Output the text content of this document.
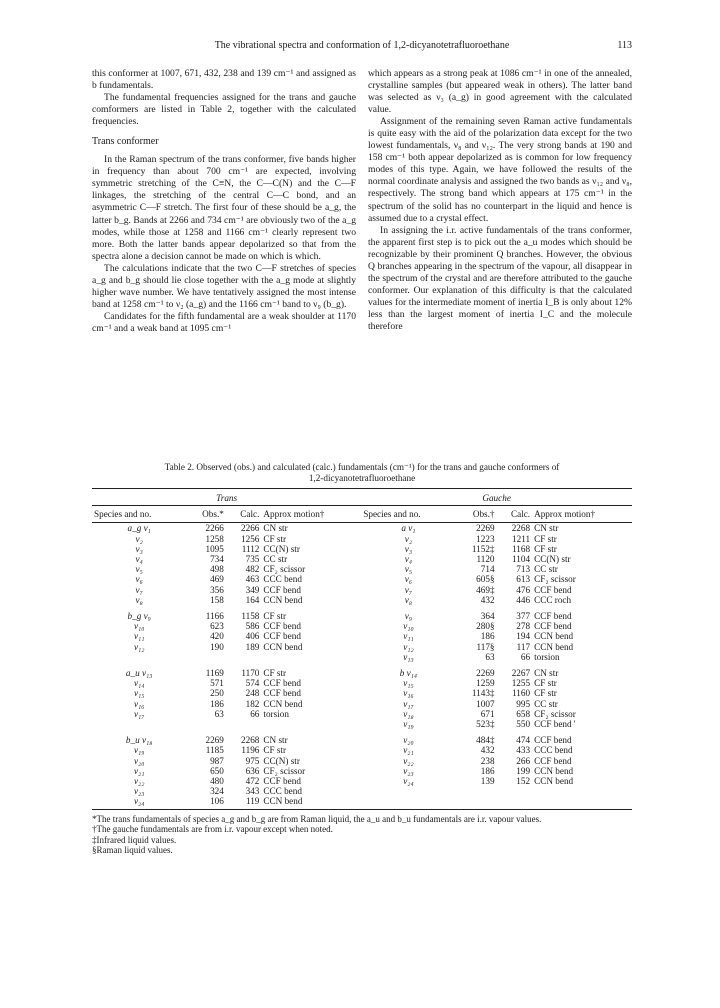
The vibrational spectra and conformation of 1,2-dicyanotetrafluoroethane	113

this conformer at 1007, 671, 432, 238 and 139 cm⁻¹ and assigned as b fundamentals.

The fundamental frequencies assigned for the trans and gauche comformers are listed in Table 2, together with the calculated frequencies.

Trans conformer

In the Raman spectrum of the trans conformer, five bands higher in frequency than about 700 cm⁻¹ are expected, involving symmetric stretching of the C≡N, the C—C(N) and the C—F linkages, the stretching of the central C—C bond, and an asymmetric C—F stretch. The first four of these should be a_g, the latter b_g. Bands at 2266 and 734 cm⁻¹ are obviously two of the a_g modes, while those at 1258 and 1166 cm⁻¹ clearly represent two more. Both the latter bands appear depolarized so that from the spectra alone a decision cannot be made on which is which.

The calculations indicate that the two C—F stretches of species a_g and b_g should lie close together with the a_g mode at slightly higher wave number. We have tentatively assigned the most intense band at 1258 cm⁻¹ to ν₂ (a_g) and the 1166 cm⁻¹ band to ν₉ (b_g).

Candidates for the fifth fundamental are a weak shoulder at 1170 cm⁻¹ and a weak band at 1095 cm⁻¹

which appears as a strong peak at 1086 cm⁻¹ in one of the annealed, crystalline samples (but appeared weak in others). The latter band was selected as ν₃ (a_g) in good agreement with the calculated value.

Assignment of the remaining seven Raman active fundamentals is quite easy with the aid of the polarization data except for the two lowest fundamentals, ν₈ and ν₁₂. The very strong bands at 190 and 158 cm⁻¹ both appear depolarized as is common for low frequency modes of this type. Again, we have followed the results of the normal coordinate analysis and assigned the two bands as ν₁₂ and ν₈, respectively. The strong band which appears at 175 cm⁻¹ in the spectrum of the solid has no counterpart in the liquid and hence is assumed due to a crystal effect.

In assigning the i.r. active fundamentals of the trans conformer, the apparent first step is to pick out the a_u modes which should be recognizable by their prominent Q branches. However, the obvious Q branches appearing in the spectrum of the vapour, all disappear in the spectrum of the crystal and are therefore attributed to the gauche conformer. Our explanation of this difficulty is that the calculated values for the intermediate moment of inertia I_B is only about 12% less than the largest moment of inertia I_C and the molecule therefore

Table 2. Observed (obs.) and calculated (calc.) fundamentals (cm⁻¹) for the trans and gauche conformers of
1,2-dicyanotetrafluoroethane
Trans				Gauche			
Species and no.	Obs.*	Calc.	Approx motion†	Species and no.	Obs.†	Calc.	Approx motion†
a_g ν₁	2266	2266	CN str	a ν₁	2269	2268	CN str
ν₂	1258	1256	CF str	ν₂	1223	1211	CF str
ν₃	1095	1112	CC(N) str	ν₃	1152‡	1168	CF str
ν₄	734	735	CC str	ν₄	1120	1104	CC(N) str
ν₅	498	482	CF₂ scissor	ν₅	714	713	CC str
ν₆	469	463	CCC bend	ν₆	605§	613	CF₂ scissor
ν₇	356	349	CCF bend	ν₇	469‡	476	CCF bend
ν₈	158	164	CCN bend	ν₈	432	446	CCC roch
b_g ν₉	1166	1158	CF str	ν₉	364	377	CCF bend
ν₁₀	623	586	CCF bend	ν₁₀	280§	278	CCF bend
ν₁₁	420	406	CCF bend	ν₁₁	186	194	CCN bend
ν₁₂	190	189	CCN bend	ν₁₂	117§	117	CCN bend
				ν₁₃	63	66	torsion
a_u ν₁₃	1169	1170	CF str	b ν₁₄	2269	2267	CN str
ν₁₄	571	574	CCF bend	ν₁₅	1259	1255	CF str
ν₁₅	250	248	CCF bend	ν₁₆	1143‡	1160	CF str
ν₁₆	186	182	CCN bend	ν₁₇	1007	995	CC str
ν₁₇	63	66	torsion	ν₁₈	671	658	CF₂ scissor
				ν₁₉	523‡	550	CCF bend '
b_u ν₁₈	2269	2268	CN str	ν₂₀	484‡	474	CCF bend
ν₁₉	1185	1196	CF str	ν₂₁	432	433	CCC bend
ν₂₀	987	975	CC(N) str	ν₂₂	238	266	CCF bend
ν₂₁	650	636	CF₂ scissor	ν₂₃	186	199	CCN bend
ν₂₂	480	472	CCF bend	ν₂₄	139	152	CCN bend
ν₂₃	324	343	CCC bend				
ν₂₄	106	119	CCN bend				

*The trans fundamentals of species a_g and b_g are from Raman liquid, the a_u and b_u fundamentals are i.r. vapour values.

†The gauche fundamentals are from i.r. vapour except when noted.

‡Infrared liquid values.

§Raman liquid values.
